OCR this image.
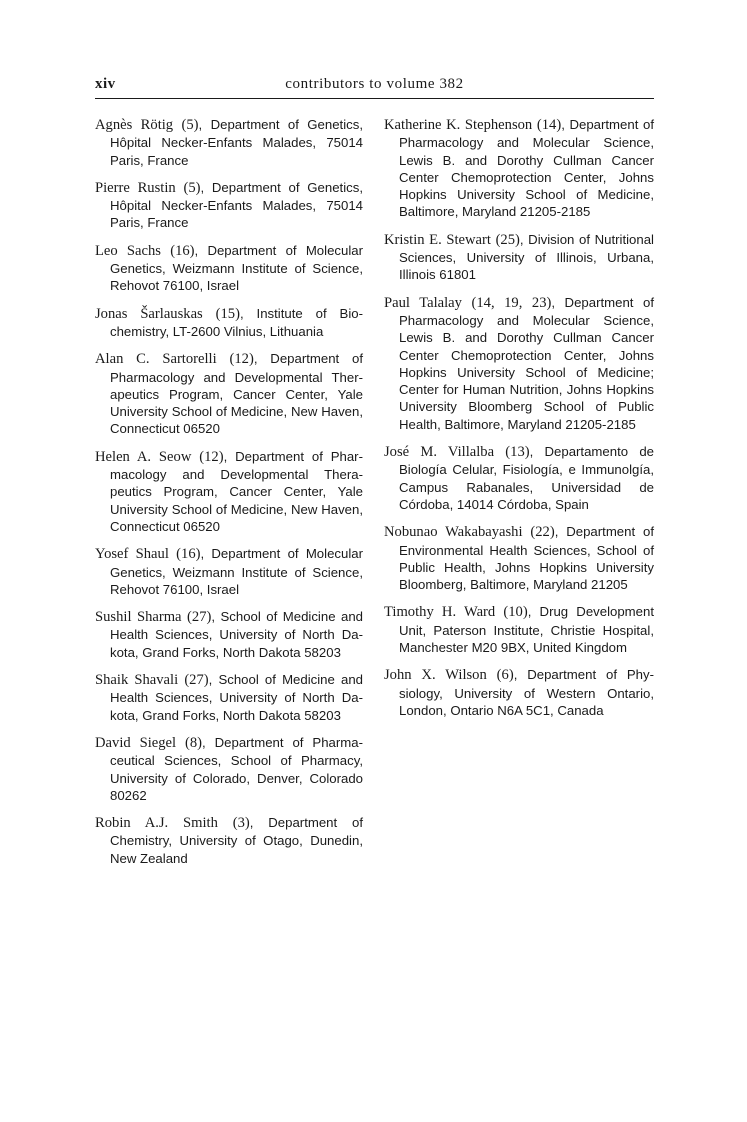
xiv	contributors to volume 382

Agnès Rötig (5), Department of Genetics, Hôpital Necker-Enfants Malades, 75014 Paris, France

Pierre Rustin (5), Department of Genetics, Hôpital Necker-Enfants Malades, 75014 Paris, France

Leo Sachs (16), Department of Molecular Genetics, Weizmann Institute of Science, Rehovot 76100, Israel

Jonas Šarlauskas (15), Institute of Biochemistry, LT-2600 Vilnius, Lithuania

Alan C. Sartorelli (12), Department of Pharmacology and Developmental Therapeutics Program, Cancer Center, Yale University School of Medicine, New Haven, Connecticut 06520

Helen A. Seow (12), Department of Pharmacology and Developmental Therapeutics Program, Cancer Center, Yale University School of Medicine, New Haven, Connecticut 06520

Yosef Shaul (16), Department of Molecular Genetics, Weizmann Institute of Science, Rehovot 76100, Israel

Sushil Sharma (27), School of Medicine and Health Sciences, University of North Dakota, Grand Forks, North Dakota 58203

Shaik Shavali (27), School of Medicine and Health Sciences, University of North Dakota, Grand Forks, North Dakota 58203

David Siegel (8), Department of Pharmaceutical Sciences, School of Pharmacy, University of Colorado, Denver, Colorado 80262

Robin A.J. Smith (3), Department of Chemistry, University of Otago, Dunedin, New Zealand

Katherine K. Stephenson (14), Department of Pharmacology and Molecular Science, Lewis B. and Dorothy Cullman Cancer Center Chemoprotection Center, Johns Hopkins University School of Medicine, Baltimore, Maryland 21205-2185

Kristin E. Stewart (25), Division of Nutritional Sciences, University of Illinois, Urbana, Illinois 61801

Paul Talalay (14, 19, 23), Department of Pharmacology and Molecular Science, Lewis B. and Dorothy Cullman Cancer Center Chemoprotection Center, Johns Hopkins University School of Medicine; Center for Human Nutrition, Johns Hopkins University Bloomberg School of Public Health, Baltimore, Maryland 21205-2185

José M. Villalba (13), Departamento de Biología Celular, Fisiología, e Immunolgía, Campus Rabanales, Universidad de Córdoba, 14014 Córdoba, Spain

Nobunao Wakabayashi (22), Department of Environmental Health Sciences, School of Public Health, Johns Hopkins University Bloomberg, Baltimore, Maryland 21205

Timothy H. Ward (10), Drug Development Unit, Paterson Institute, Christie Hospital, Manchester M20 9BX, United Kingdom

John X. Wilson (6), Department of Physiology, University of Western Ontario, London, Ontario N6A 5C1, Canada
